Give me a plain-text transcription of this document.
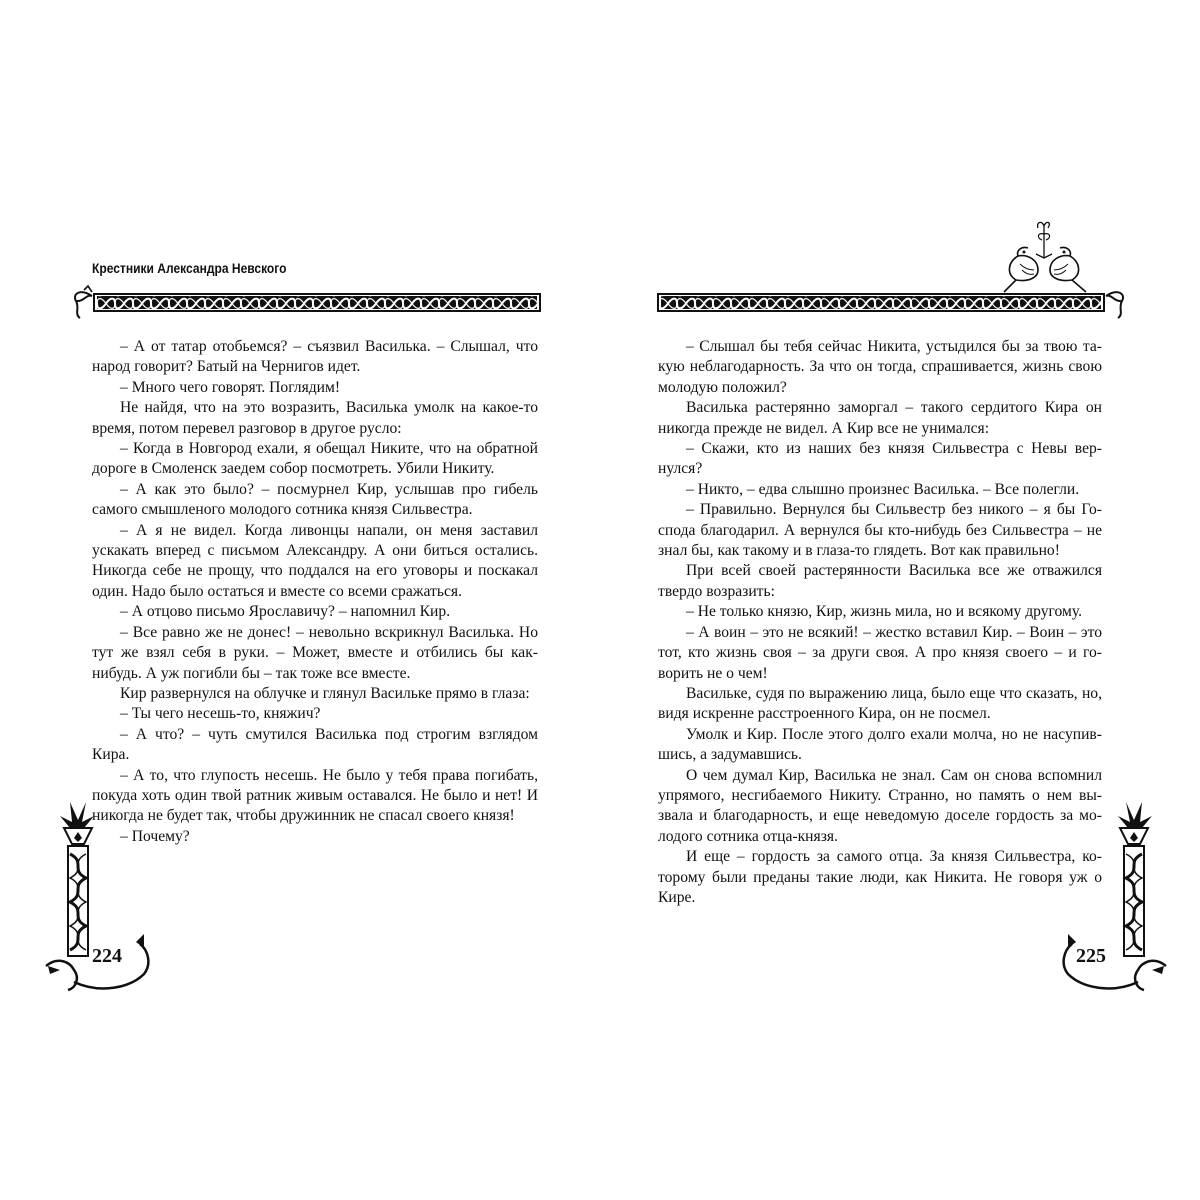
Крестники Александра Невского

– А от татар отобьемся? – съязвил Василька. – Слышал, что народ говорит? Батый на Чернигов идет.

– Много чего говорят. Поглядим!

Не найдя, что на это возразить, Василька умолк на какое-то время, потом перевел разговор в другое русло:

– Когда в Новгород ехали, я обещал Никите, что на обратной дороге в Смоленск заедем собор посмотреть. Убили Никиту.

– А как это было? – посмурнел Кир, услышав про гибель самого смышленого молодого сотника князя Сильвестра.

– А я не видел. Когда ливонцы напали, он меня заставил ускакать вперед с письмом Александру. А они биться остались. Никогда себе не прощу, что поддался на его уговоры и поскакал один. Надо было остаться и вместе со всеми сражаться.

– А отцово письмо Ярославичу? – напомнил Кир.

– Все равно же не донес! – невольно вскрикнул Василька. Но тут же взял себя в руки. – Может, вместе и отбились бы как-нибудь. А уж погибли бы – так тоже все вместе.

Кир развернулся на облучке и глянул Васильке прямо в глаза:

– Ты чего несешь-то, княжич?

– А что? – чуть смутился Василька под строгим взглядом Кира.

– А то, что глупость несешь. Не было у тебя права погибать, покуда хоть один твой ратник живым оставался. Не было и нет! И никогда не будет так, чтобы дружинник не спасал своего князя!

– Почему?

– Слышал бы тебя сейчас Никита, устыдился бы за твою такую неблагодарность. За что он тогда, спрашивается, жизнь свою молодую положил?

Василька растерянно заморгал – такого сердитого Кира он никогда прежде не видел. А Кир все не унимался:

– Скажи, кто из наших без князя Сильвестра с Невы вернулся?

– Никто, – едва слышно произнес Василька. – Все полегли.

– Правильно. Вернулся бы Сильвестр без никого – я бы Господа благодарил. А вернулся бы кто-нибудь без Сильвестра – не знал бы, как такому и в глаза-то глядеть. Вот как правильно!

При всей своей растерянности Василька все же отважился твердо возразить:

– Не только князю, Кир, жизнь мила, но и всякому другому.

– А воин – это не всякий! – жестко вставил Кир. – Воин – это тот, кто жизнь своя – за други своя. А про князя своего – и говорить не о чем!

Васильке, судя по выражению лица, было еще что сказать, но, видя искренне расстроенного Кира, он не посмел.

Умолк и Кир. После этого долго ехали молча, но не насупившись, а задумавшись.

О чем думал Кир, Василька не знал. Сам он снова вспомнил упрямого, несгибаемого Никиту. Странно, но память о нем вызвала и благодарность, и еще неведомую доселе гордость за молодого сотника отца-князя.

И еще – гордость за самого отца. За князя Сильвестра, которому были преданы такие люди, как Никита. Не говоря уж о Кире.

224	225
